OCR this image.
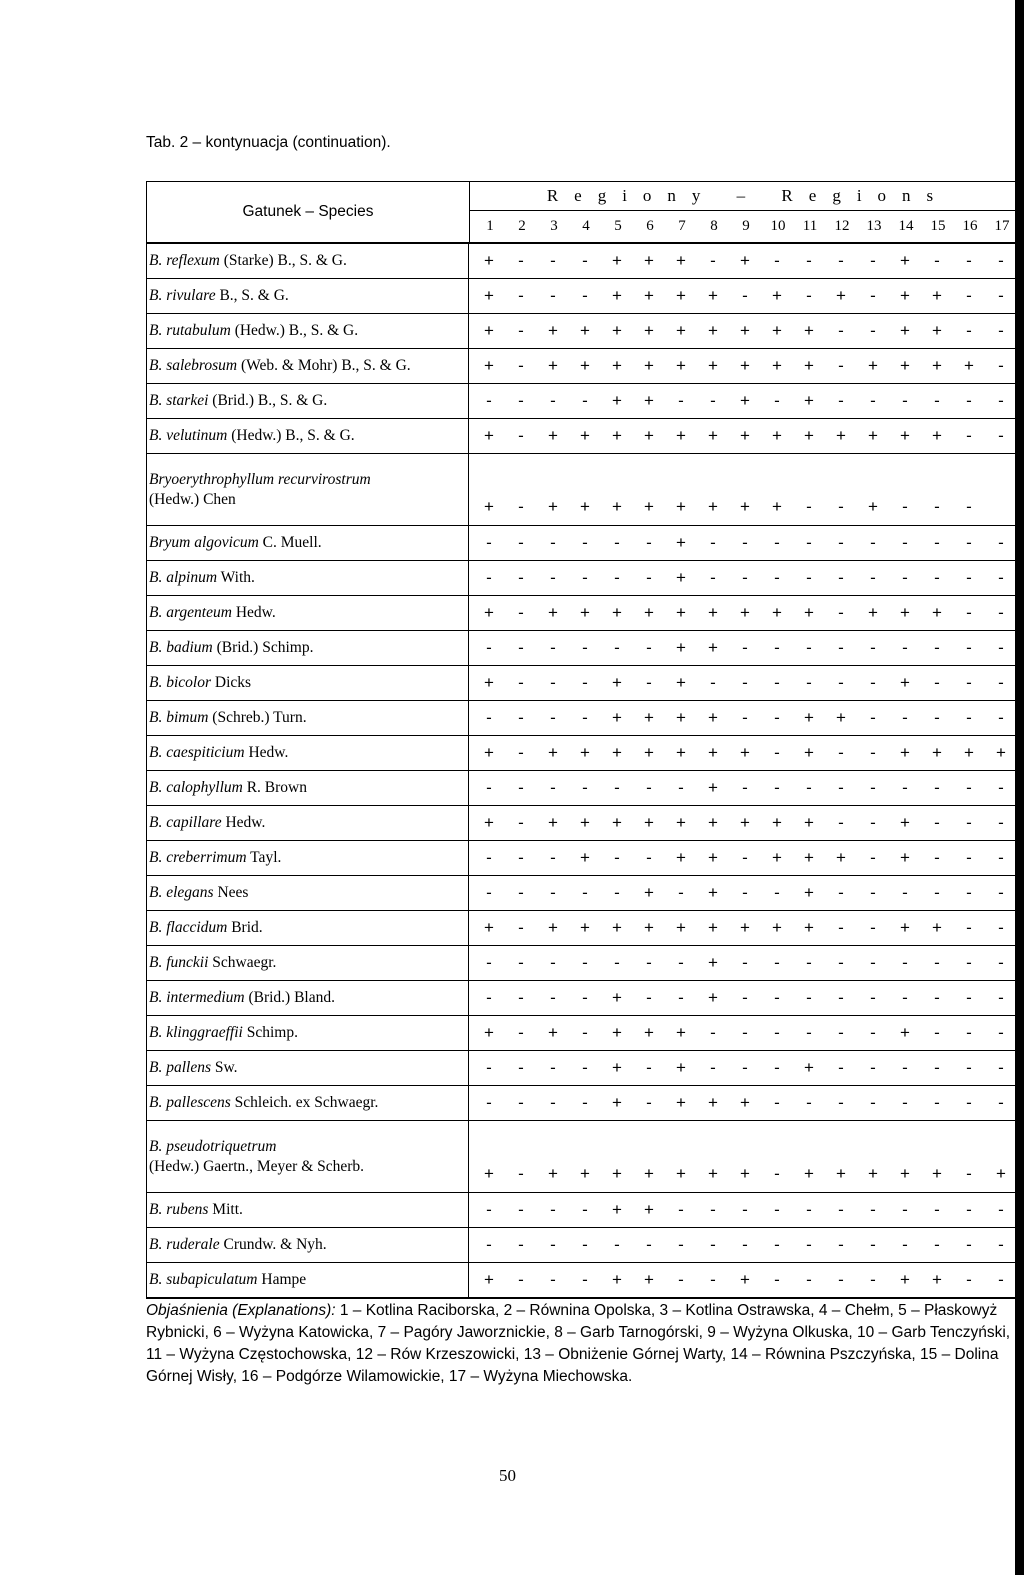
Tab. 2 – kontynuacja (continuation).
Gatunek – Species
Regiony – Regions
1	2	3	4	5	6	7	8	9	10	11	12	13	14	15	16	17
B. reflexum (Starke) B., S. & G.	+	-	-	-	+	+	+	-	+	-	-	-	-	+	-	-	-
B. rivulare B., S. & G.	+	-	-	-	+	+	+	+	-	+	-	+	-	+	+	-	-
B. rutabulum (Hedw.) B., S. & G.	+	-	+	+	+	+	+	+	+	+	+	-	-	+	+	-	-
B. salebrosum (Web. & Mohr) B., S. & G.	+	-	+	+	+	+	+	+	+	+	+	-	+	+	+	+	-
B. starkei (Brid.) B., S. & G.	-	-	-	-	+	+	-	-	+	-	+	-	-	-	-	-	-
B. velutinum (Hedw.) B., S. & G.	+	-	+	+	+	+	+	+	+	+	+	+	+	+	+	-	-
Bryoerythrophyllum recurvirostrum
(Hedw.) Chen	+	-	+	+	+	+	+	+	+	+	-	-	+	-	-	-
Bryum algovicum C. Muell.	-	-	-	-	-	-	+	-	-	-	-	-	-	-	-	-	-
B. alpinum With.	-	-	-	-	-	-	+	-	-	-	-	-	-	-	-	-	-
B. argenteum Hedw.	+	-	+	+	+	+	+	+	+	+	+	-	+	+	+	-	-
B. badium (Brid.) Schimp.	-	-	-	-	-	-	+	+	-	-	-	-	-	-	-	-	-
B. bicolor Dicks	+	-	-	-	+	-	+	-	-	-	-	-	-	+	-	-	-
B. bimum (Schreb.) Turn.	-	-	-	-	+	+	+	+	-	-	+	+	-	-	-	-	-
B. caespiticium Hedw.	+	-	+	+	+	+	+	+	+	-	+	-	-	+	+	+	+
B. calophyllum R. Brown	-	-	-	-	-	-	-	+	-	-	-	-	-	-	-	-	-
B. capillare Hedw.	+	-	+	+	+	+	+	+	+	+	+	-	-	+	-	-	-
B. creberrimum Tayl.	-	-	-	+	-	-	+	+	-	+	+	+	-	+	-	-	-
B. elegans Nees	-	-	-	-	-	+	-	+	-	-	+	-	-	-	-	-	-
B. flaccidum Brid.	+	-	+	+	+	+	+	+	+	+	+	-	-	+	+	-	-
B. funckii Schwaegr.	-	-	-	-	-	-	-	+	-	-	-	-	-	-	-	-	-
B. intermedium (Brid.) Bland.	-	-	-	-	+	-	-	+	-	-	-	-	-	-	-	-	-
B. klinggraeffii Schimp.	+	-	+	-	+	+	+	-	-	-	-	-	-	+	-	-	-
B. pallens Sw.	-	-	-	-	+	-	+	-	-	-	+	-	-	-	-	-	-
B. pallescens Schleich. ex Schwaegr.	-	-	-	-	+	-	+	+	+	-	-	-	-	-	-	-	-
B. pseudotriquetrum
(Hedw.) Gaertn., Meyer & Scherb.	+	-	+	+	+	+	+	+	+	-	+	+	+	+	+	-	+
B. rubens Mitt.	-	-	-	-	+	+	-	-	-	-	-	-	-	-	-	-	-
B. ruderale Crundw. & Nyh.	-	-	-	-	-	-	-	-	-	-	-	-	-	-	-	-	-
B. subapiculatum Hampe	+	-	-	-	+	+	-	-	+	-	-	-	-	+	+	-	-
Objaśnienia (Explanations): 1 – Kotlina Raciborska, 2 – Równina Opolska, 3 – Kotlina Ostrawska, 4 – Chełm, 5 – Płaskowyż Rybnicki, 6 – Wyżyna Katowicka, 7 – Pagóry Jaworznickie, 8 – Garb Tarnogórski, 9 – Wyżyna Olkuska, 10 – Garb Tenczyński, 11 – Wyżyna Częstochowska, 12 – Rów Krzeszowicki, 13 – Obniżenie Górnej Warty, 14 – Równina Pszczyńska, 15 – Dolina Górnej Wisły, 16 – Podgórze Wilamowickie, 17 – Wyżyna Miechowska.
50
